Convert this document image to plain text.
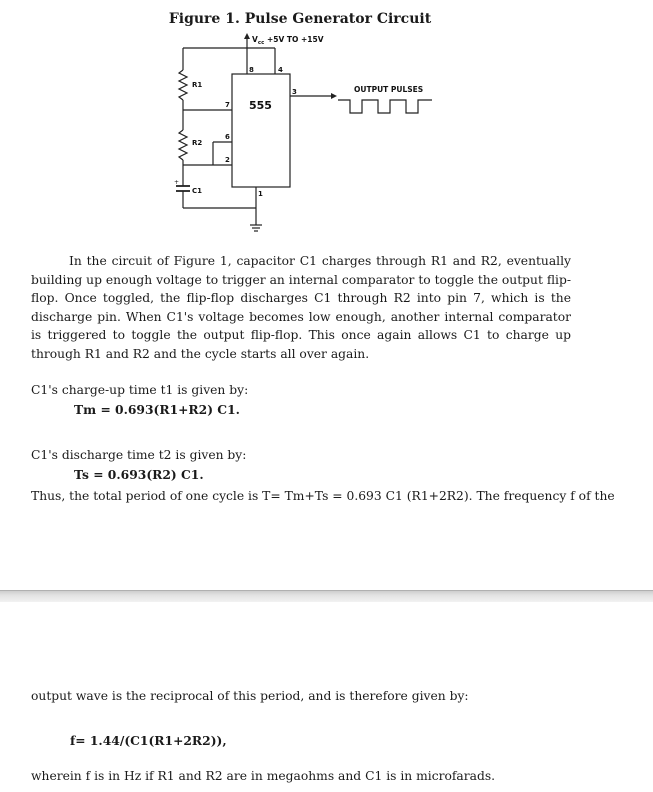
Figure 1. Pulse Generator Circuit
$V_{cc} +5V$ TO +15V
555
OUTPUT PULSES
R1
R2
C1
+
8	4
3
7
6
2
1
In the circuit of Figure 1, capacitor C1 charges through R1 and R2, eventually building up enough voltage to trigger an internal comparator to toggle the output flip-flop. Once toggled, the flip-flop discharges C1 through R2 into pin 7, which is the discharge pin. When C1's voltage becomes low enough, another internal comparator is triggered to toggle the output flip-flop. This once again allows C1 to charge up through R1 and R2 and the cycle starts all over again.
C1's charge-up time t1 is given by:
Tm = 0.693(R1+R2) C1.
C1's discharge time t2 is given by:
Ts = 0.693(R2) C1.
Thus, the total period of one cycle is T= Tm+Ts = 0.693 C1 (R1+2R2). The frequency f of the
output wave is the reciprocal of this period, and is therefore given by:
f= 1.44/(C1(R1+2R2)),
wherein f is in Hz if R1 and R2 are in megaohms and C1 is in microfarads.
